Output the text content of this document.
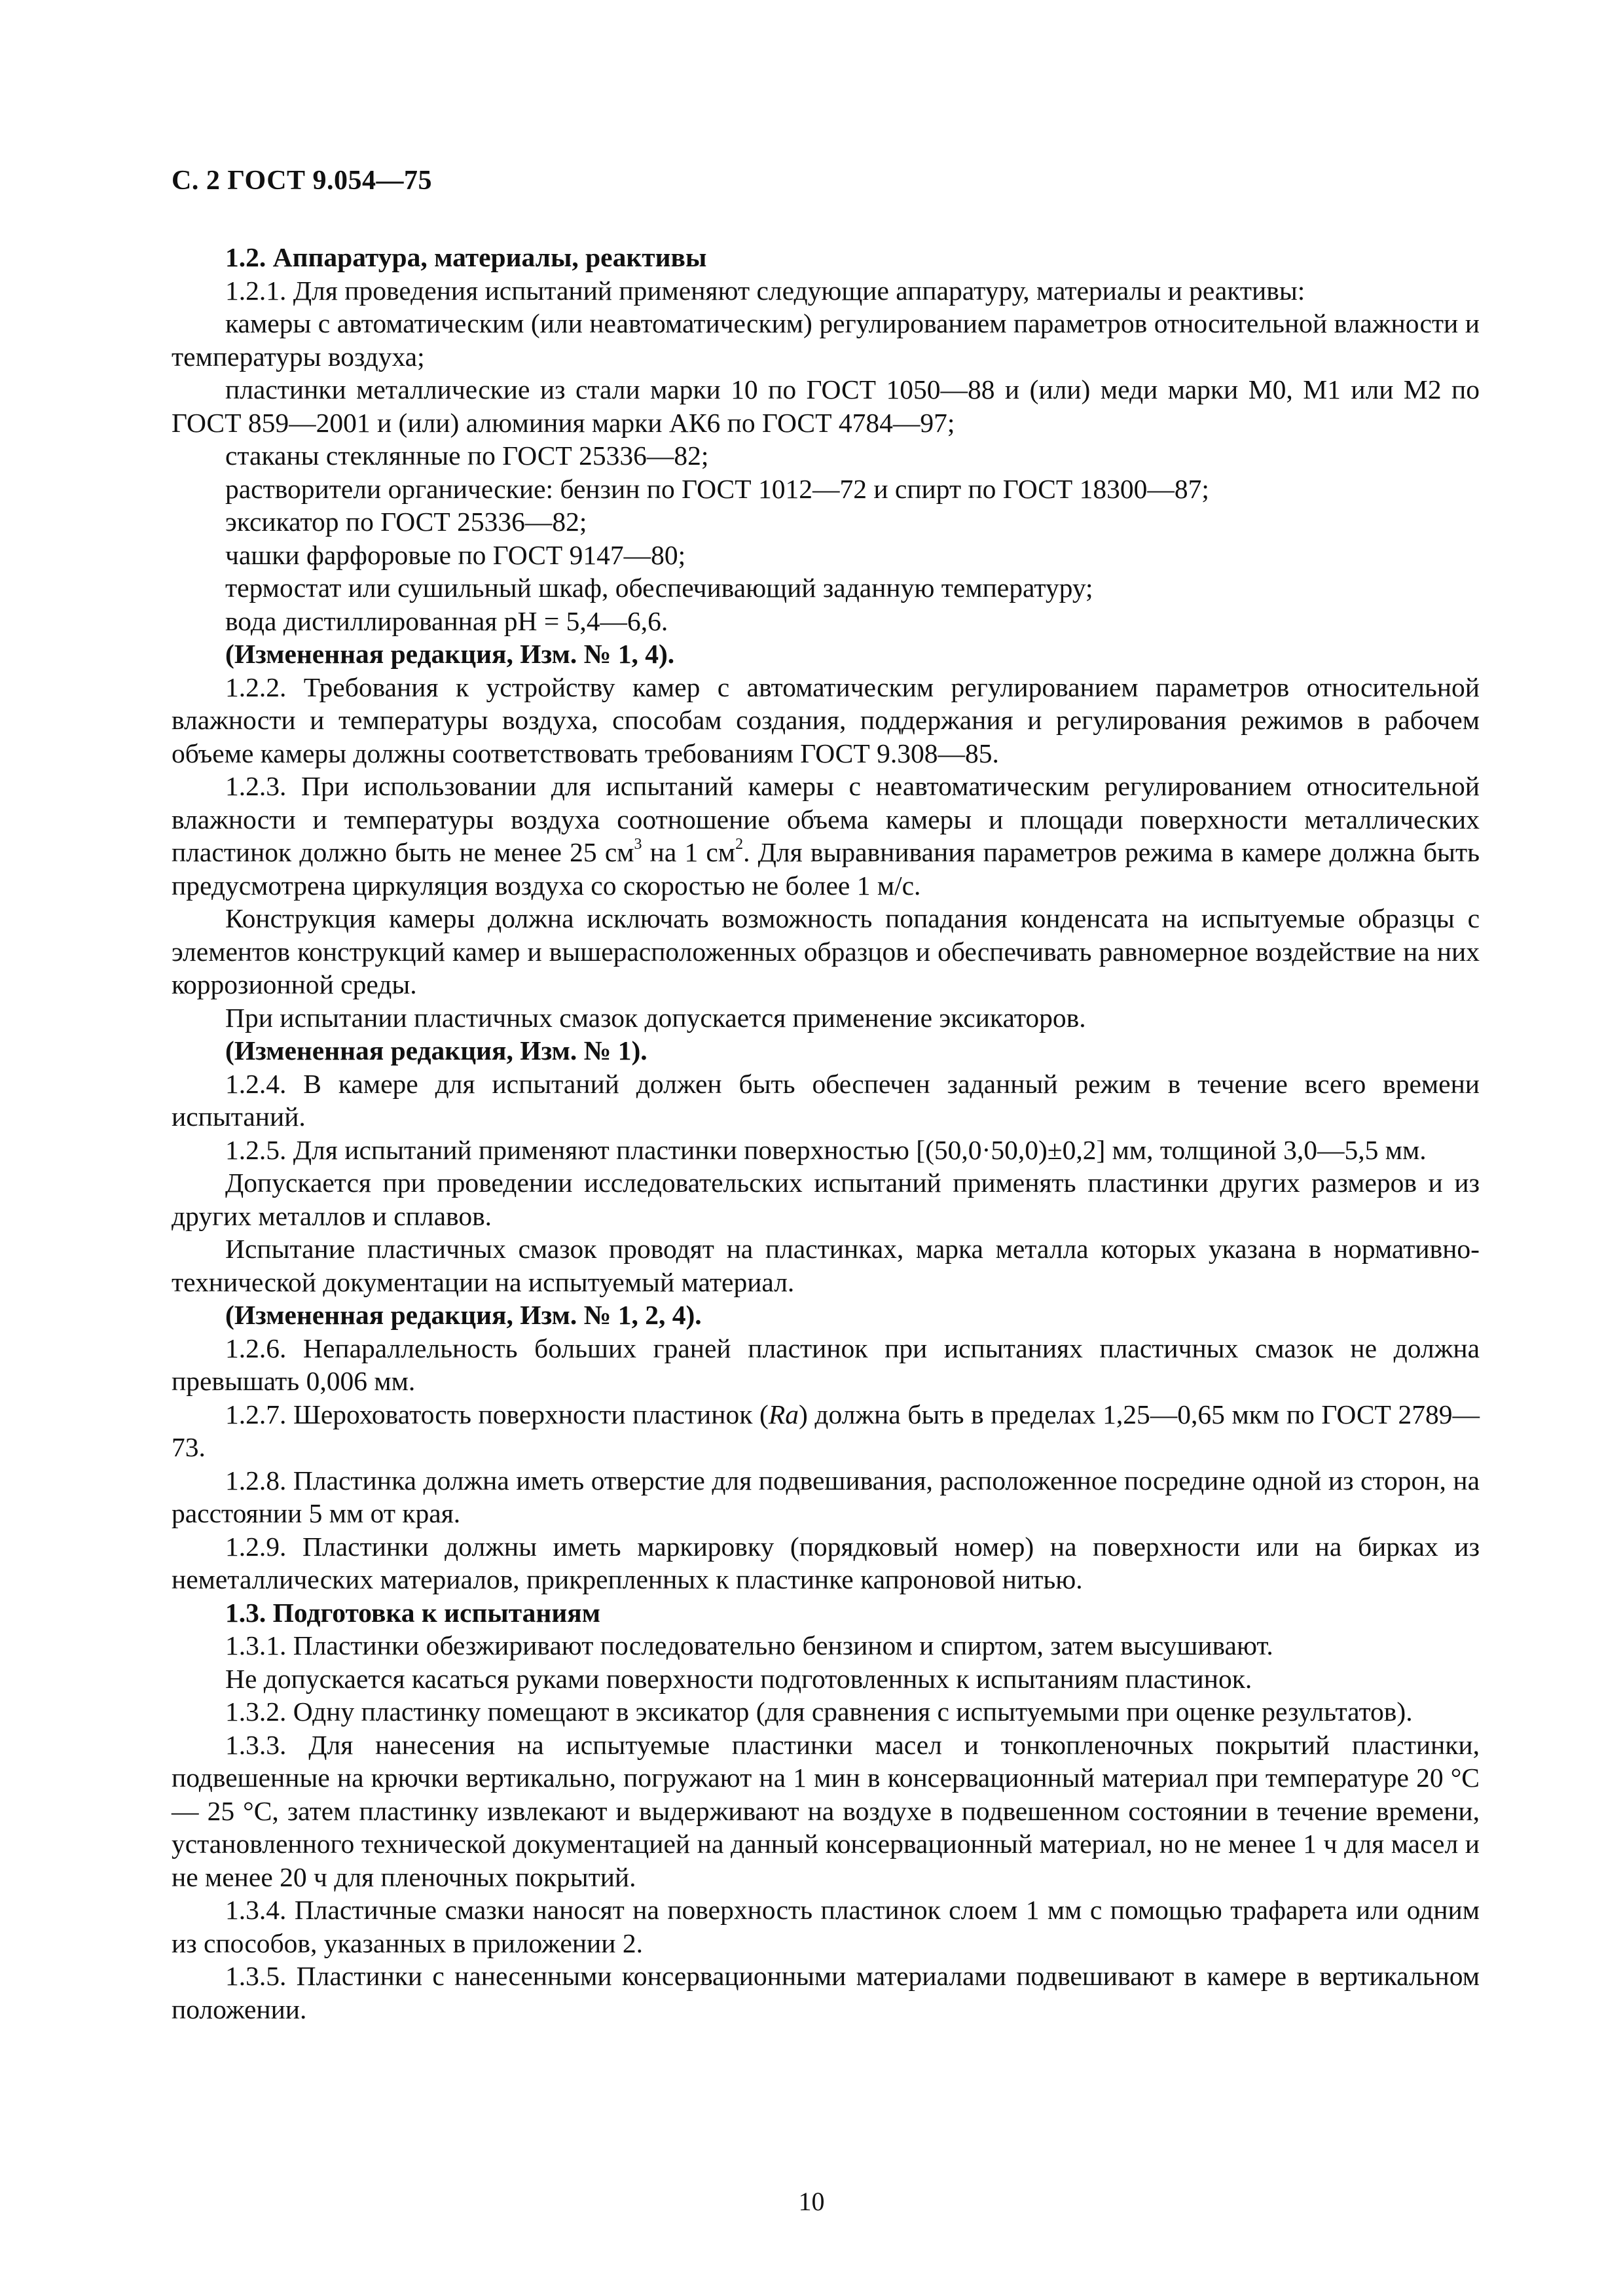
С. 2 ГОСТ 9.054—75

1.2. Аппаратура, материалы, реактивы

1.2.1. Для проведения испытаний применяют следующие аппаратуру, материалы и реактивы:

камеры с автоматическим (или неавтоматическим) регулированием параметров относительной влажности и температуры воздуха;

пластинки металлические из стали марки 10 по ГОСТ 1050—88 и (или) меди марки М0, М1 или М2 по ГОСТ 859—2001 и (или) алюминия марки АК6 по ГОСТ 4784—97;

стаканы стеклянные по ГОСТ 25336—82;

растворители органические: бензин по ГОСТ 1012—72 и спирт по ГОСТ 18300—87;

эксикатор по ГОСТ 25336—82;

чашки фарфоровые по ГОСТ 9147—80;

термостат или сушильный шкаф, обеспечивающий заданную температуру;

вода дистиллированная рН = 5,4—6,6.

(Измененная редакция, Изм. № 1, 4).

1.2.2. Требования к устройству камер с автоматическим регулированием параметров относительной влажности и температуры воздуха, способам создания, поддержания и регулирования режимов в рабочем объеме камеры должны соответствовать требованиям ГОСТ 9.308—85.

1.2.3. При использовании для испытаний камеры с неавтоматическим регулированием относительной влажности и температуры воздуха соотношение объема камеры и площади поверхности металлических пластинок должно быть не менее 25 $см^3$ на 1 $см^2$. Для выравнивания параметров режима в камере должна быть предусмотрена циркуляция воздуха со скоростью не более 1 м/с.

Конструкция камеры должна исключать возможность попадания конденсата на испытуемые образцы с элементов конструкций камер и вышерасположенных образцов и обеспечивать равномерное воздействие на них коррозионной среды.

При испытании пластичных смазок допускается применение эксикаторов.

(Измененная редакция, Изм. № 1).

1.2.4. В камере для испытаний должен быть обеспечен заданный режим в течение всего времени испытаний.

1.2.5. Для испытаний применяют пластинки поверхностью [(50,0·50,0)±0,2] мм, толщиной 3,0—5,5 мм.

Допускается при проведении исследовательских испытаний применять пластинки других размеров и из других металлов и сплавов.

Испытание пластичных смазок проводят на пластинках, марка металла которых указана в нормативно-технической документации на испытуемый материал.

(Измененная редакция, Изм. № 1, 2, 4).

1.2.6. Непараллельность больших граней пластинок при испытаниях пластичных смазок не должна превышать 0,006 мм.

1.2.7. Шероховатость поверхности пластинок (Ra) должна быть в пределах 1,25—0,65 мкм по ГОСТ 2789—73.

1.2.8. Пластинка должна иметь отверстие для подвешивания, расположенное посредине одной из сторон, на расстоянии 5 мм от края.

1.2.9. Пластинки должны иметь маркировку (порядковый номер) на поверхности или на бирках из неметаллических материалов, прикрепленных к пластинке капроновой нитью.

1.3. Подготовка к испытаниям

1.3.1. Пластинки обезжиривают последовательно бензином и спиртом, затем высушивают.

Не допускается касаться руками поверхности подготовленных к испытаниям пластинок.

1.3.2. Одну пластинку помещают в эксикатор (для сравнения с испытуемыми при оценке результатов).

1.3.3. Для нанесения на испытуемые пластинки масел и тонкопленочных покрытий пластинки, подвешенные на крючки вертикально, погружают на 1 мин в консервационный материал при температуре 20 °С — 25 °С, затем пластинку извлекают и выдерживают на воздухе в подвешенном состоянии в течение времени, установленного технической документацией на данный консервационный материал, но не менее 1 ч для масел и не менее 20 ч для пленочных покрытий.

1.3.4. Пластичные смазки наносят на поверхность пластинок слоем 1 мм с помощью трафарета или одним из способов, указанных в приложении 2.

1.3.5. Пластинки с нанесенными консервационными материалами подвешивают в камере в вертикальном положении.

10
